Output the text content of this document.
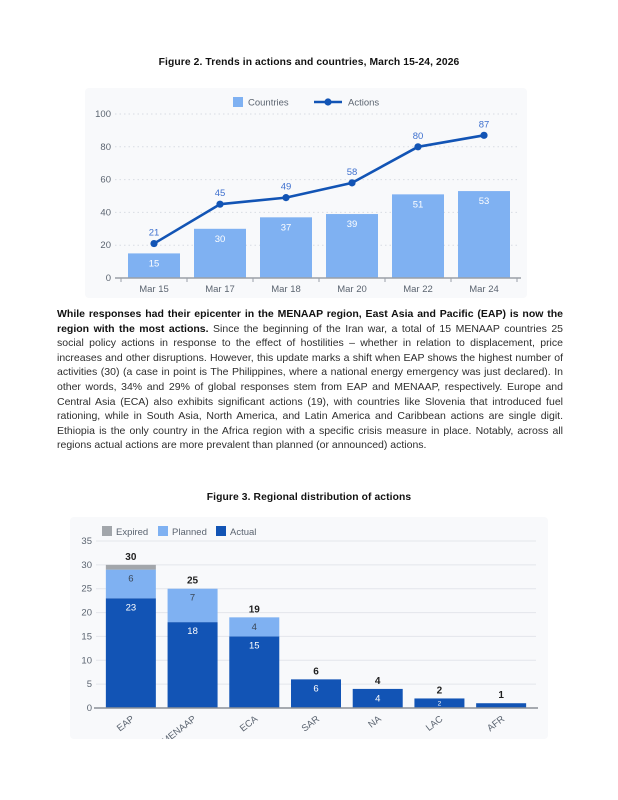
Figure 2. Trends in actions and countries, March 15-24, 2026
0
20
40
60
80
100
15
30
37	39
51	53
Mar 15	Mar 17	Mar 18	Mar 20	Mar 22	Mar 24
21
45
49
58
80
87
Countries	Actions

While responses had their epicenter in the MENAAP region, East Asia and Pacific (EAP) is now the region with the most actions. Since the beginning of the Iran war, a total of 15 MENAAP countries 25 social policy actions in response to the effect of hostilities – whether in relation to displacement, price increases and other disruptions. However, this update marks a shift when EAP shows the highest number of activities (30) (a case in point is The Philippines, where a national energy emergency was just declared). In other words, 34% and 29% of global responses stem from EAP and MENAAP, respectively. Europe and Central Asia (ECA) also exhibits significant actions (19), with countries like Slovenia that introduced fuel rationing, while in South Asia, North America, and Latin America and Caribbean actions are single digit. Ethiopia is the only country in the Africa region with a specific crisis measure in place. Notably, across all regions actual actions are more prevalent than planned (or announced) actions.

Figure 3. Regional distribution of actions
0
5
10
15
20
25
30
35
23
6
30
EAP
18
7
25
MENAAP
15
4
19
ECA
6
6
SAR
4
4
NA
2
2
LAC
1
AFR
Expired	Planned Actual
